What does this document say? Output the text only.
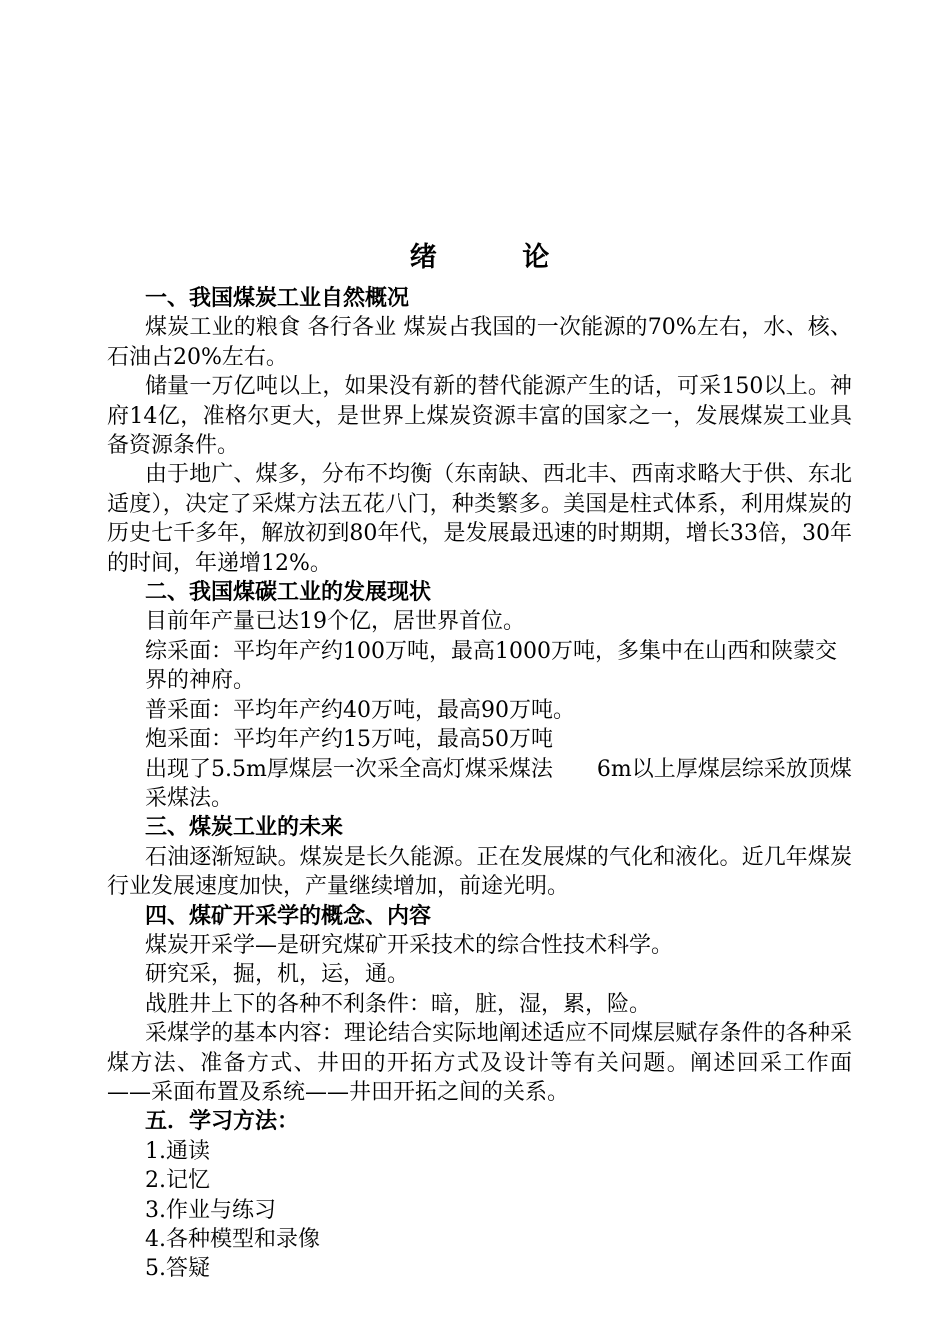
绪 论
一、我国煤炭工业自然概况
煤炭工业的粮食 各行各业 煤炭占我国的一次能源的70%左右，水、核、石油占20%左右。
储量一万亿吨以上，如果没有新的替代能源产生的话，可采150以上。神府14亿，准格尔更大，是世界上煤炭资源丰富的国家之一，发展煤炭工业具备资源条件。
由于地广、煤多，分布不均衡（东南缺、西北丰、西南求略大于供、东北适度），决定了采煤方法五花八门，种类繁多。美国是柱式体系，利用煤炭的历史七千多年，解放初到80年代，是发展最迅速的时期期，增长33倍，30年的时间，年递增12%。
二、我国煤碳工业的发展现状
目前年产量已达19个亿，居世界首位。
综采面：平均年产约100万吨，最高1000万吨，多集中在山西和陕蒙交界的神府。
普采面：平均年产约40万吨，最高90万吨。
炮采面：平均年产约15万吨，最高50万吨
出现了5.5m厚煤层一次采全高灯煤采煤法　　6m以上厚煤层综采放顶煤采煤法。
三、煤炭工业的未来
石油逐渐短缺。煤炭是长久能源。正在发展煤的气化和液化。近几年煤炭行业发展速度加快，产量继续增加，前途光明。
四、煤矿开采学的概念、内容
煤炭开采学—是研究煤矿开采技术的综合性技术科学。
研究采，掘，机，运，通。
战胜井上下的各种不利条件：暗，脏，湿，累，险。
采煤学的基本内容：理论结合实际地阐述适应不同煤层赋存条件的各种采煤方法、准备方式、井田的开拓方式及设计等有关问题。阐述回采工作面——采面布置及系统——井田开拓之间的关系。
五．学习方法：
1.通读
2.记忆
3.作业与练习
4.各种模型和录像
5.答疑
